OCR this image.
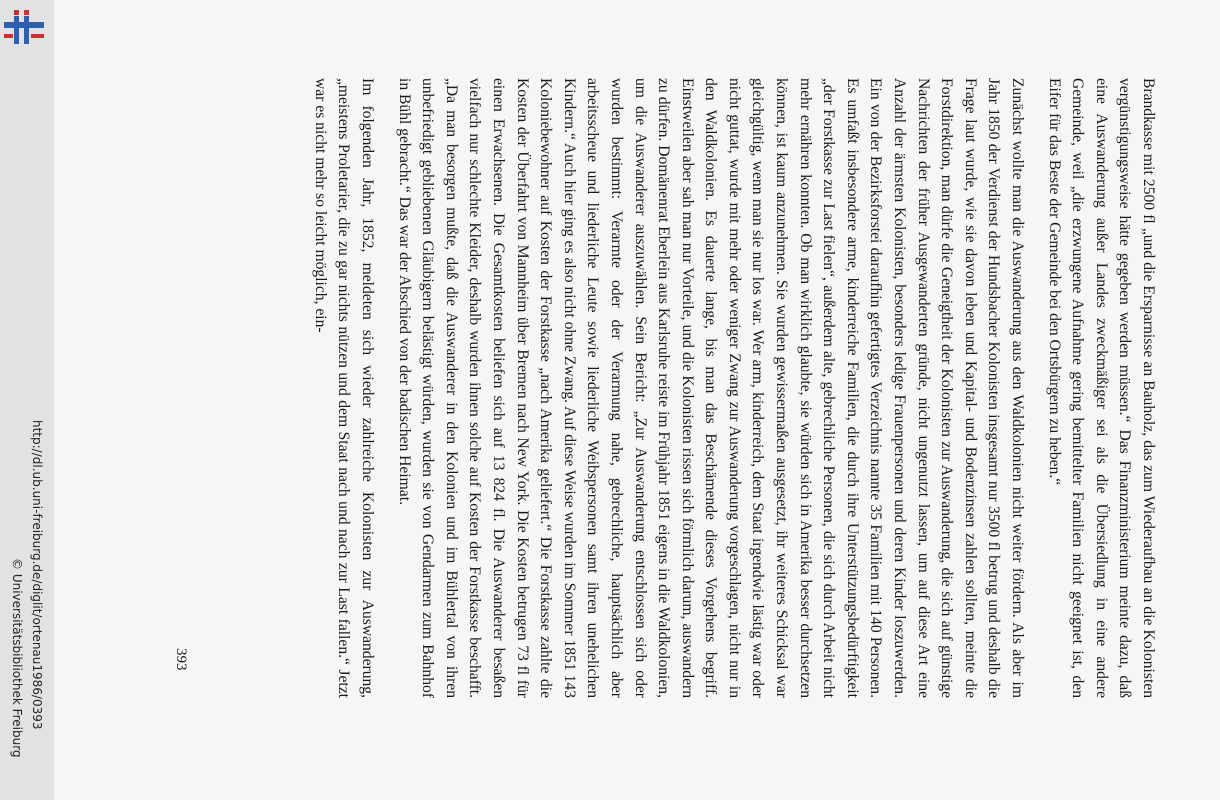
http://dl.ub.uni-freiburg.de/diglit/ortenau1986/0393
© Universitätsbibliothek Freiburg	Brandkasse mit 2500 fl „und die Ersparnisse an Bauholz, das zum Wiederaufbau an die Kolonisten vergünstigungsweise hätte gegeben werden müssen.“ Das Finanzministerium meinte dazu, daß eine Auswanderung außer Landes zweckmäßiger sei als die Übersiedlung in eine andere Gemeinde, weil „die erzwungene Aufnahme gering bemittelter Familien nicht geeignet ist, den Eifer für das Beste der Gemeinde bei den Ortsbürgern zu heben.“

Zunächst wollte man die Auswanderung aus den Waldkolonien nicht weiter fördern. Als aber im Jahr 1850 der Verdienst der Hundsbacher Kolonisten insgesamt nur 3500 fl betrug und deshalb die Frage laut wurde, wie sie davon leben und Kapital- und Bodenzinsen zahlen sollten, meinte die Forstdirektion, man dürfe die Geneigtheit der Kolonisten zur Auswanderung, die sich auf günstige Nachrichten der früher Ausgewanderten gründe, nicht ungenutzt lassen, um auf diese Art eine Anzahl der ärmsten Kolonisten, besonders ledige Frauenpersonen und deren Kinder loszuwerden. Ein von der Bezirksforstei daraufhin gefertigtes Verzeichnis nannte 35 Familien mit 140 Personen. Es umfaßt insbesondere arme, kinderreiche Familien, die durch ihre Unterstützungsbedürftigkeit „der Forstkasse zur Last fielen“, außerdem alte, gebrechliche Personen, die sich durch Arbeit nicht mehr ernähren konnten. Ob man wirklich glaubte, sie würden sich in Amerika besser durchsetzen können, ist kaum anzunehmen. Sie wurden gewissermaßen ausgesetzt, ihr weiteres Schicksal war gleichgültig, wenn man sie nur los war. Wer arm, kinderreich, dem Staat irgendwie lästig war oder nicht guttat, wurde mit mehr oder weniger Zwang zur Auswanderung vorgeschlagen, nicht nur in den Waldkolonien. Es dauerte lange, bis man das Beschämende dieses Vorgehens begriff. Einstweilen aber sah man nur Vorteile, und die Kolonisten rissen sich förmlich darum, auswandern zu dürfen. Domänenrat Eberlein aus Karlsruhe reiste im Frühjahr 1851 eigens in die Waldkolonien, um die Auswanderer auszuwählen. Sein Bericht: „Zur Auswanderung entschlossen sich oder wurden bestimmt: Verarmte oder der Verarmung nahe, gebrechliche, hauptsächlich aber arbeitsscheue und liederliche Leute sowie liederliche Weibspersonen samt ihren unehelichen Kindern.“ Auch hier ging es also nicht ohne Zwang. Auf diese Weise wurden im Sommer 1851 143 Koloniebewohner auf Kosten der Forstkasse „nach Amerika geliefert.“ Die Forstkasse zahlte die Kosten der Überfahrt von Mannheim über Bremen nach New York. Die Kosten betrugen 73 fl für einen Erwachsenen. Die Gesamtkosten beliefen sich auf 13 824 fl. Die Auswanderer besaßen vielfach nur schlechte Kleider, deshalb wurden ihnen solche auf Kosten der Forstkasse beschafft. „Da man besorgen mußte, daß die Auswanderer in den Kolonien und im Bühlertal von ihren unbefriedigt gebliebenen Gläubigern belästigt würden, wurden sie von Gendarmen zum Bahnhof in Bühl gebracht.“ Das war der Abschied von der badischen Heimat.

Im folgenden Jahr, 1852, meldeten sich wieder zahlreiche Kolonisten zur Auswanderung, „meistens Proletarier, die zu gar nichts nützen und dem Staat nach und nach zur Last fallen.“ Jetzt war es nicht mehr so leicht möglich, ein-

393
